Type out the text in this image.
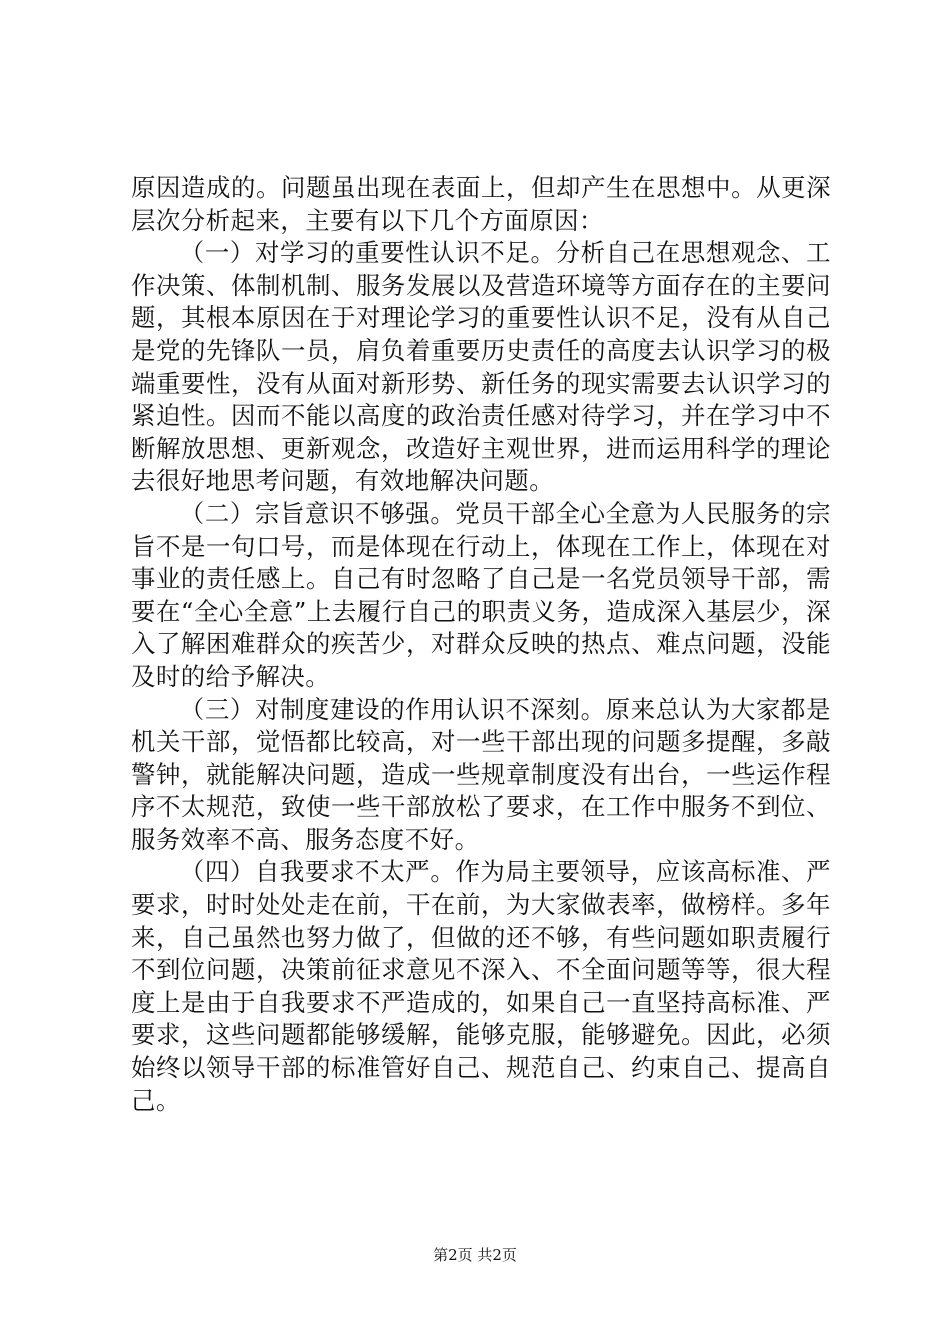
原因造成的。问题虽出现在表面上，但却产生在思想中。从更深层次分析起来，主要有以下几个方面原因：

（一）对学习的重要性认识不足。分析自己在思想观念、工作决策、体制机制、服务发展以及营造环境等方面存在的主要问题，其根本原因在于对理论学习的重要性认识不足，没有从自己是党的先锋队一员，肩负着重要历史责任的高度去认识学习的极端重要性，没有从面对新形势、新任务的现实需要去认识学习的紧迫性。因而不能以高度的政治责任感对待学习，并在学习中不断解放思想、更新观念，改造好主观世界，进而运用科学的理论去很好地思考问题，有效地解决问题。

（二）宗旨意识不够强。党员干部全心全意为人民服务的宗旨不是一句口号，而是体现在行动上，体现在工作上，体现在对事业的责任感上。自己有时忽略了自己是一名党员领导干部，需要在“全心全意”上去履行自己的职责义务，造成深入基层少，深入了解困难群众的疾苦少，对群众反映的热点、难点问题，没能及时的给予解决。

（三）对制度建设的作用认识不深刻。原来总认为大家都是机关干部，觉悟都比较高，对一些干部出现的问题多提醒，多敲警钟，就能解决问题，造成一些规章制度没有出台，一些运作程序不太规范，致使一些干部放松了要求，在工作中服务不到位、服务效率不高、服务态度不好。

（四）自我要求不太严。作为局主要领导，应该高标准、严要求，时时处处走在前，干在前，为大家做表率，做榜样。多年来，自己虽然也努力做了，但做的还不够，有些问题如职责履行不到位问题，决策前征求意见不深入、不全面问题等等，很大程度上是由于自我要求不严造成的，如果自己一直坚持高标准、严要求，这些问题都能够缓解，能够克服，能够避免。因此，必须始终以领导干部的标准管好自己、规范自己、约束自己、提高自己。

第2页 共2页
